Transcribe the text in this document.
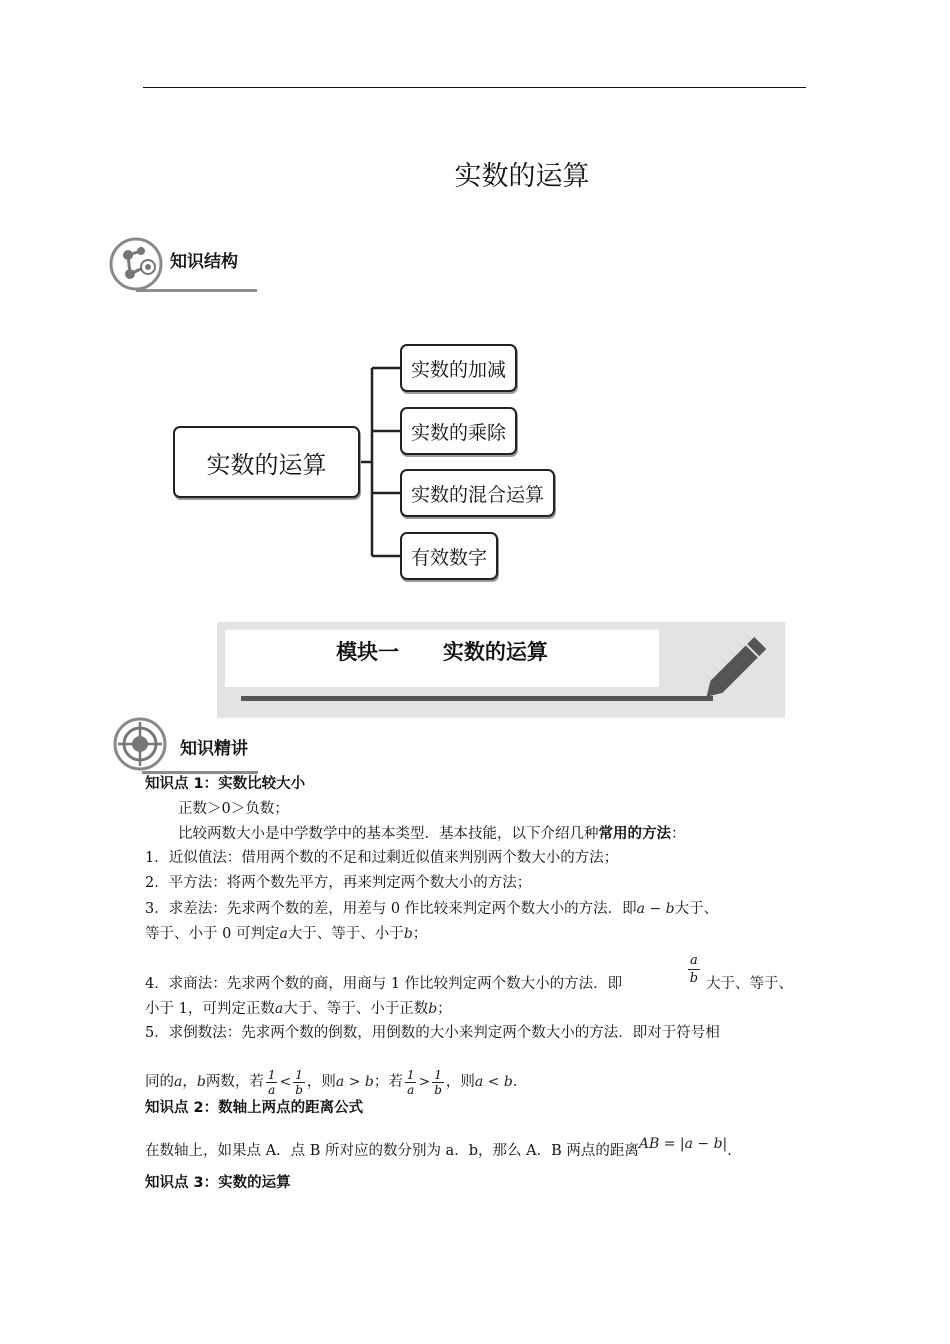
实数的运算
知识结构
实数的运算
实数的加减
实数的乘除
实数的混合运算
有效数字
模块一      实数的运算
知识精讲
知识点 1：实数比较大小
正数＞0＞负数；
比较两数大小是中学数学中的基本类型．基本技能，以下介绍几种常用的方法：
1．近似值法：借用两个数的不足和过剩近似值来判别两个数大小的方法；
2．平方法：将两个数先平方，再来判定两个数大小的方法；
3．求差法：先求两个数的差，用差与 0 作比较来判定两个数大小的方法．即a − b大于、
等于、小于 0 可判定a大于、等于、小于b；
4．求商法：先求两个数的商，用商与 1 作比较判定两个数大小的方法．即	$\frac{a}{b}$ 大于、等于、
小于 1，可判定正数a大于、等于、小于正数b；
5．求倒数法：先求两个数的倒数，用倒数的大小来判定两个数大小的方法．即对于符号相
同的a，b两数，若 $\frac{1}{a} < \frac{1}{b}$ ，则a > b；若 $\frac{1}{a} > \frac{1}{b}$ ，则a < b．
知识点 2：数轴上两点的距离公式
在数轴上，如果点 A．点 B 所对应的数分别为 a．b，那么 A．B 两点的距离AB = |a − b|．
知识点 3：实数的运算
